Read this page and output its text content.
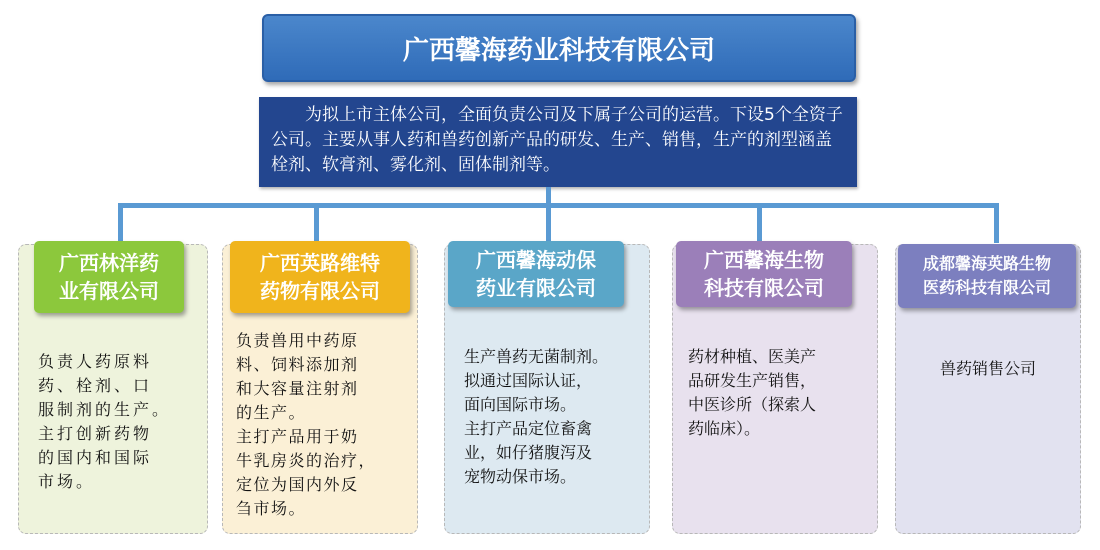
广西馨海药业科技有限公司

为拟上市主体公司，全面负责公司及下属子公司的运营。下设5个全资子公司。主要从事人药和兽药创新产品的研发、生产、销售，生产的剂型涵盖栓剂、软膏剂、雾化剂、固体制剂等。

广西林洋药
业有限公司
负责人药原料
药、栓剂、口
服制剂的生产。
主打创新药物
的国内和国际
市场。
广西英路维特
药物有限公司
负责兽用中药原
料、饲料添加剂
和大容量注射剂
的生产。
主打产品用于奶
牛乳房炎的治疗，
定位为国内外反
刍市场。
广西馨海动保
药业有限公司
生产兽药无菌制剂。
拟通过国际认证，
面向国际市场。
主打产品定位畜禽
业，如仔猪腹泻及
宠物动保市场。
广西馨海生物
科技有限公司
药材种植、医美产
品研发生产销售，
中医诊所（探索人
药临床）。
成都馨海英路生物
医药科技有限公司
兽药销售公司
